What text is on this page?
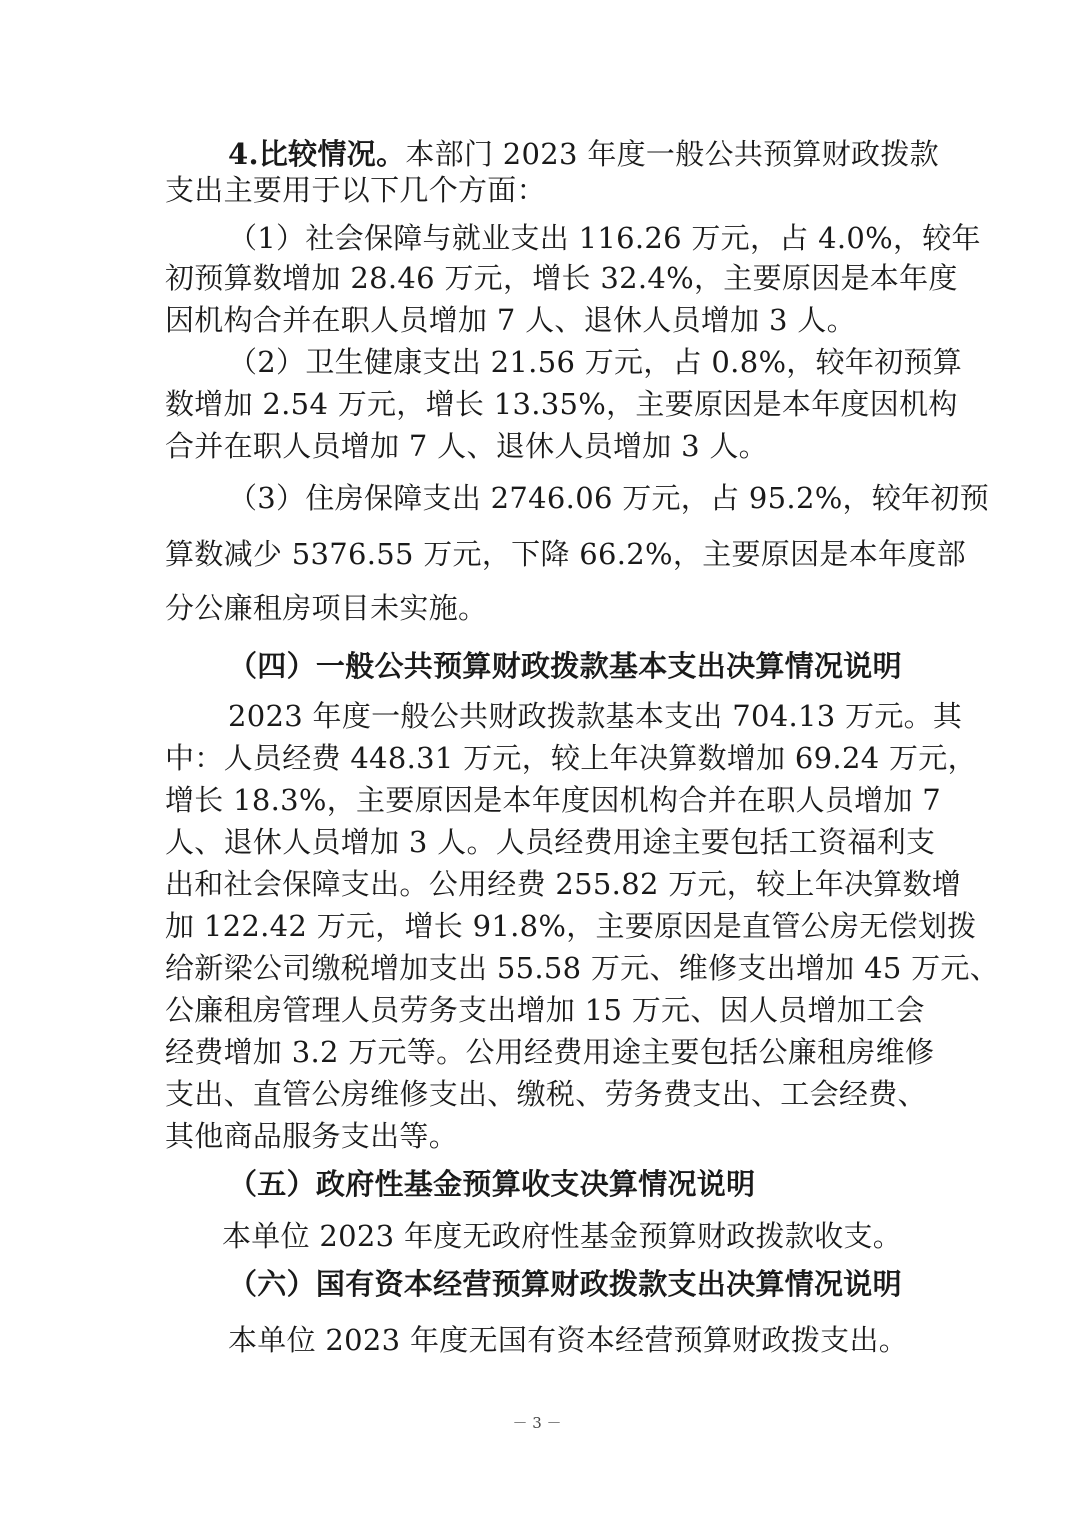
4.比较情况。本部门 2023 年度一般公共预算财政拨款
支出主要用于以下几个方面：
（1）社会保障与就业支出 116.26 万元，占 4.0%，较年
初预算数增加 28.46 万元，增长 32.4%，主要原因是本年度
因机构合并在职人员增加 7 人、退休人员增加 3 人。
（2）卫生健康支出 21.56 万元，占 0.8%，较年初预算
数增加 2.54 万元，增长 13.35%，主要原因是本年度因机构
合并在职人员增加 7 人、退休人员增加 3 人。
（3）住房保障支出 2746.06 万元，占 95.2%，较年初预
算数减少 5376.55 万元，下降 66.2%，主要原因是本年度部
分公廉租房项目未实施。
（四）一般公共预算财政拨款基本支出决算情况说明
2023 年度一般公共财政拨款基本支出 704.13 万元。其
中：人员经费 448.31 万元，较上年决算数增加 69.24 万元，
增长 18.3%，主要原因是本年度因机构合并在职人员增加 7
人、退休人员增加 3 人。人员经费用途主要包括工资福利支
出和社会保障支出。公用经费 255.82 万元，较上年决算数增
加 122.42 万元，增长 91.8%，主要原因是直管公房无偿划拨
给新梁公司缴税增加支出 55.58 万元、维修支出增加 45 万元、
公廉租房管理人员劳务支出增加 15 万元、因人员增加工会
经费增加 3.2 万元等。公用经费用途主要包括公廉租房维修
支出、直管公房维修支出、缴税、劳务费支出、工会经费、
其他商品服务支出等。
（五）政府性基金预算收支决算情况说明
本单位 2023 年度无政府性基金预算财政拨款收支。
（六）国有资本经营预算财政拨款支出决算情况说明
本单位 2023 年度无国有资本经营预算财政拨支出。
－ 3 －
